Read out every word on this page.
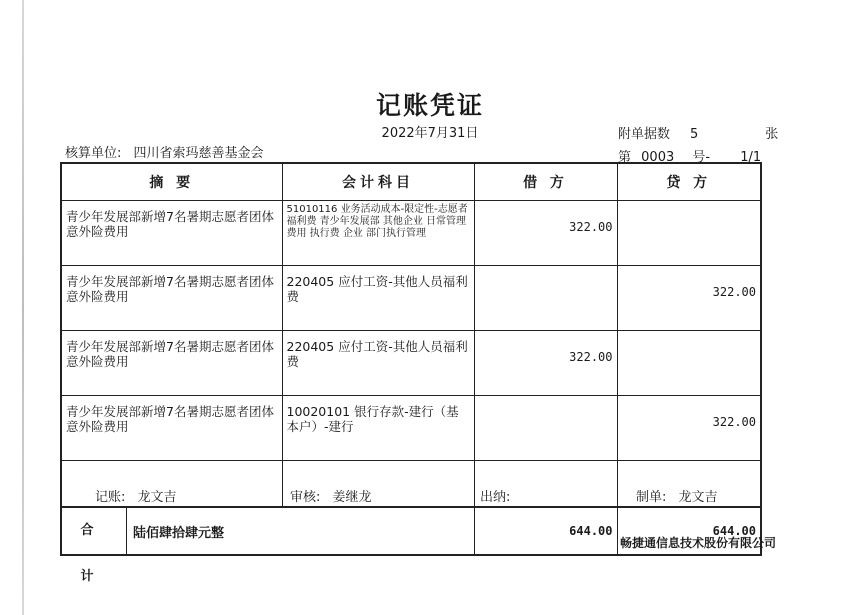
记账凭证
2022年7月31日	附单据数 5	张
核算单位: 四川省索玛慈善基金会	第 0003 号- 1/1
摘 要	会计科目	借 方	贷 方
青少年发展部新增7名暑期志愿者团体意外险费用	51010116 业务活动成本-限定性-志愿者福利费 青少年发展部 其他企业 日常管理费用 执行费 企业 部门执行管理	322.00	
青少年发展部新增7名暑期志愿者团体意外险费用	220405 应付工资-其他人员福利费		322.00
青少年发展部新增7名暑期志愿者团体意外险费用	220405 应付工资-其他人员福利费	322.00	
青少年发展部新增7名暑期志愿者团体意外险费用	10020101 银行存款-建行（基本户）-建行		322.00

合 计
陆佰肆拾肆元整		644.00	644.00
记账: 龙文吉	审核: 姜继龙	出纳:	制单: 龙文吉
畅捷通信息技术股份有限公司
